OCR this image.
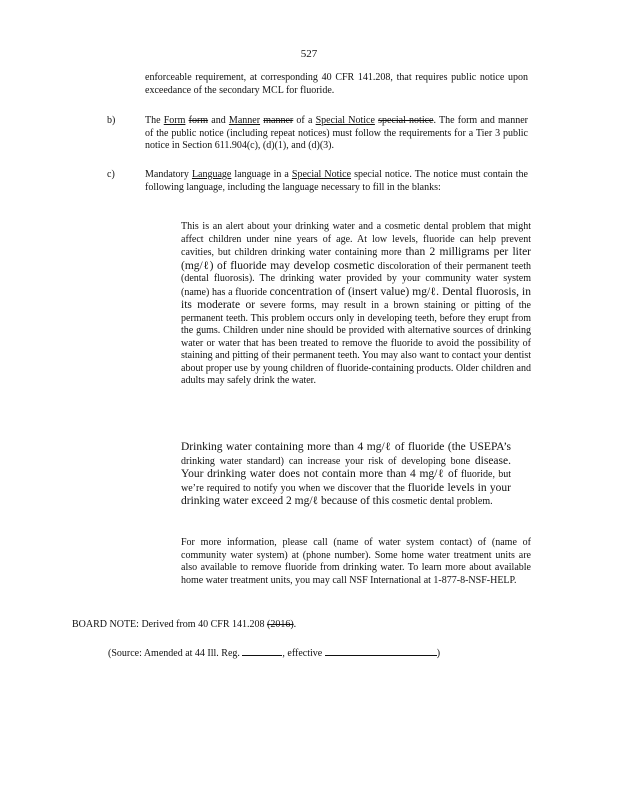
527
enforceable requirement, at corresponding 40 CFR 141.208, that requires public notice upon exceedance of the secondary MCL for fluoride.
b)	The Form form and Manner manner of a Special Notice special notice. The form and manner of the public notice (including repeat notices) must follow the requirements for a Tier 3 public notice in Section 611.904(c), (d)(1), and (d)(3).
c)	Mandatory Language language in a Special Notice special notice. The notice must contain the following language, including the language necessary to fill in the blanks:
This is an alert about your drinking water and a cosmetic dental problem that might affect children under nine years of age. At low levels, fluoride can help prevent cavities, but children drinking water containing more than 2 milligrams per liter (mg/ℓ) of fluoride may develop cosmetic discoloration of their permanent teeth (dental fluorosis). The drinking water provided by your community water system (name) has a fluoride concentration of (insert value) mg/ℓ. Dental fluorosis, in its moderate or severe forms, may result in a brown staining or pitting of the permanent teeth. This problem occurs only in developing teeth, before they erupt from the gums. Children under nine should be provided with alternative sources of drinking water or water that has been treated to remove the fluoride to avoid the possibility of staining and pitting of their permanent teeth. You may also want to contact your dentist about proper use by young children of fluoride-containing products. Older children and adults may safely drink the water.
Drinking water containing more than 4 mg/ℓ of fluoride (the USEPA’s drinking water standard) can increase your risk of developing bone disease. Your drinking water does not contain more than 4 mg/ℓ of fluoride, but we’re required to notify you when we discover that the fluoride levels in your drinking water exceed 2 mg/ℓ because of this cosmetic dental problem.
For more information, please call (name of water system contact) of (name of community water system) at (phone number). Some home water treatment units are also available to remove fluoride from drinking water. To learn more about available home water treatment units, you may call NSF International at 1-877-8-NSF-HELP.
BOARD NOTE: Derived from 40 CFR 141.208 (2016).
(Source: Amended at 44 Ill. Reg.	, effective	)
